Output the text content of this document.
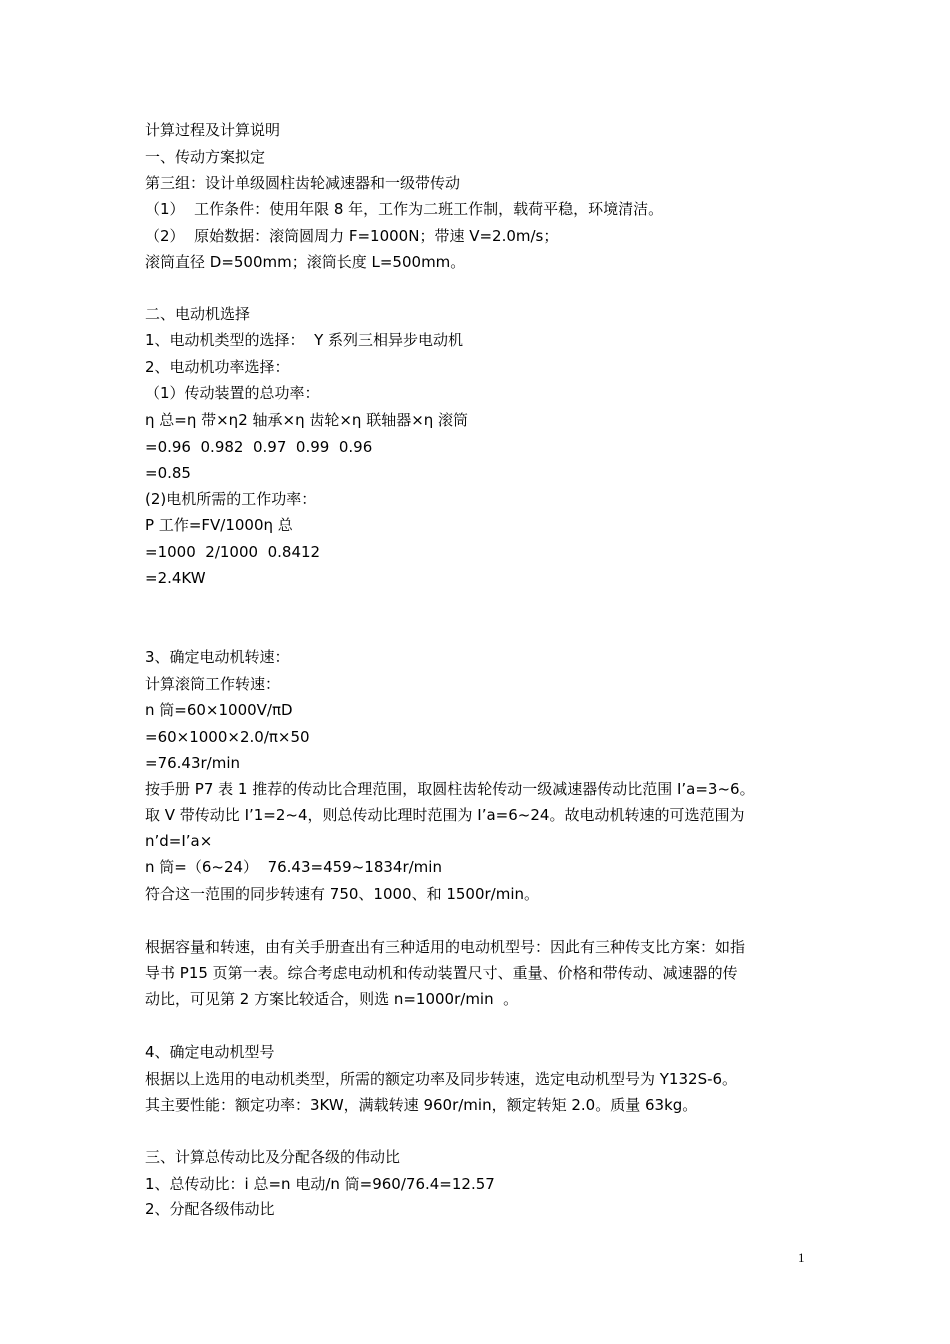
计算过程及计算说明
一、传动方案拟定
第三组：设计单级圆柱齿轮减速器和一级带传动
（1）  工作条件：使用年限 8 年，工作为二班工作制，载荷平稳，环境清洁。
（2）  原始数据：滚筒圆周力 F=1000N；带速 V=2.0m/s；
滚筒直径 D=500mm；滚筒长度 L=500mm。
二、电动机选择
1、电动机类型的选择：  Y 系列三相异步电动机
2、电动机功率选择：
（1）传动装置的总功率：
η 总=η 带×η2 轴承×η 齿轮×η 联轴器×η 滚筒
=0.96  0.982  0.97  0.99  0.96
=0.85
(2)电机所需的工作功率：
P 工作=FV/1000η 总
=1000  2/1000  0.8412
=2.4KW
3、确定电动机转速：
计算滚筒工作转速：
n 筒=60×1000V/πD
=60×1000×2.0/π×50
=76.43r/min
按手册 P7 表 1 推荐的传动比合理范围，取圆柱齿轮传动一级减速器传动比范围 I’a=3~6。
取 V 带传动比 I’1=2~4，则总传动比理时范围为 I’a=6~24。故电动机转速的可选范围为
n’d=I’a×
n 筒=（6~24）  76.43=459~1834r/min
符合这一范围的同步转速有 750、1000、和 1500r/min。
根据容量和转速，由有关手册查出有三种适用的电动机型号：因此有三种传支比方案：如指
导书 P15 页第一表。综合考虑电动机和传动装置尺寸、重量、价格和带传动、减速器的传
动比，可见第 2 方案比较适合，则选 n=1000r/min  。
4、确定电动机型号
根据以上选用的电动机类型，所需的额定功率及同步转速，选定电动机型号为 Y132S-6。
其主要性能：额定功率：3KW，满载转速 960r/min，额定转矩 2.0。质量 63kg。
三、计算总传动比及分配各级的伟动比
1、总传动比：i 总=n 电动/n 筒=960/76.4=12.57
2、分配各级伟动比
1
